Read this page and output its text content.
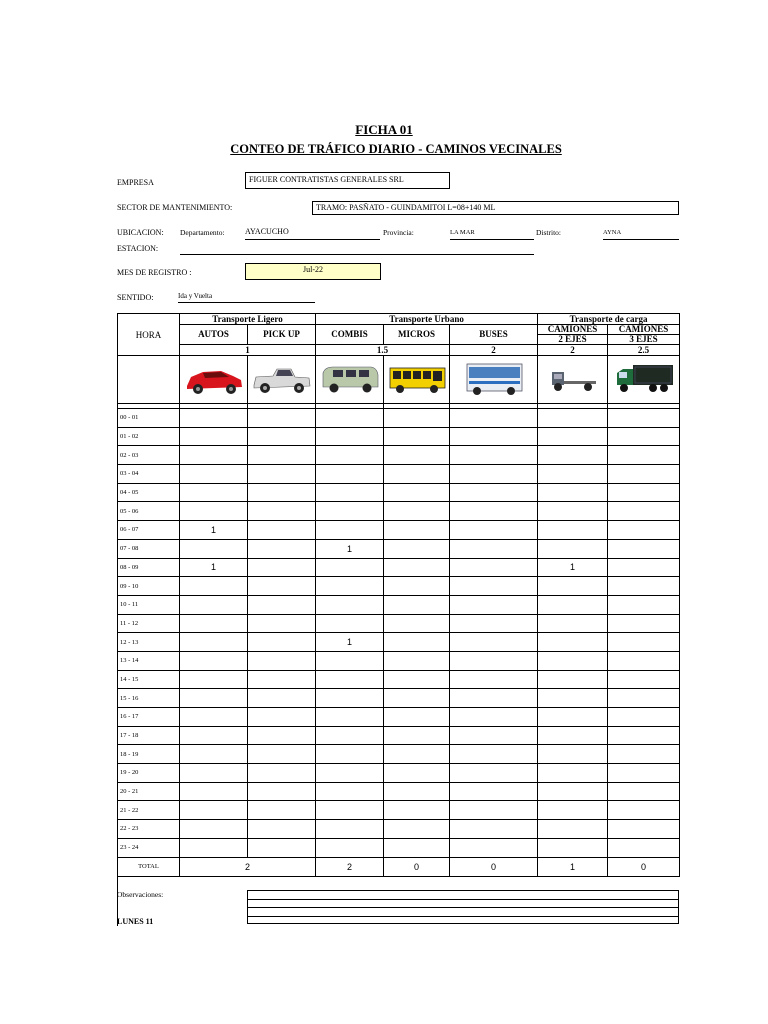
FICHA 01
CONTEO DE TRÁFICO DIARIO - CAMINOS VECINALES
EMPRESA	FIGUER CONTRATISTAS GENERALES SRL
SECTOR DE MANTENIMIENTO:	TRAMO: PASÑATO - GUINDAMITOI L=08+140 ML
UBICACION: Departamento:	AYACUCHO	Provincia:	LA MAR	Distrito:	AYNA
ESTACION:
MES DE REGISTRO :	Jul-22
SENTIDO:	Ida y Vuelta
HORA	Transporte Ligero		Transporte Urbano			Transporte de carga	
	AUTOS	PICK UP	COMBIS	MICROS	BUSES	CAMIONES	CAMIONES
						2 EJES	3 EJES
	1		1.5		2	2	2.5

00 - 01							
01 - 02							
02 - 03							
03 - 04							
04 - 05							
05 - 06							
06 - 07	1						
07 - 08			1				
08 - 09	1					1	
09 - 10							
10 - 11							
11 - 12							
12 - 13			1				
13 - 14							
14 - 15							
15 - 16							
16 - 17							
17 - 18							
18 - 19							
19 - 20							
20 - 21							
21 - 22							
22 - 23							
23 - 24							
TOTAL	2		2	0	0	1	0
Observaciones:
LUNES 11
